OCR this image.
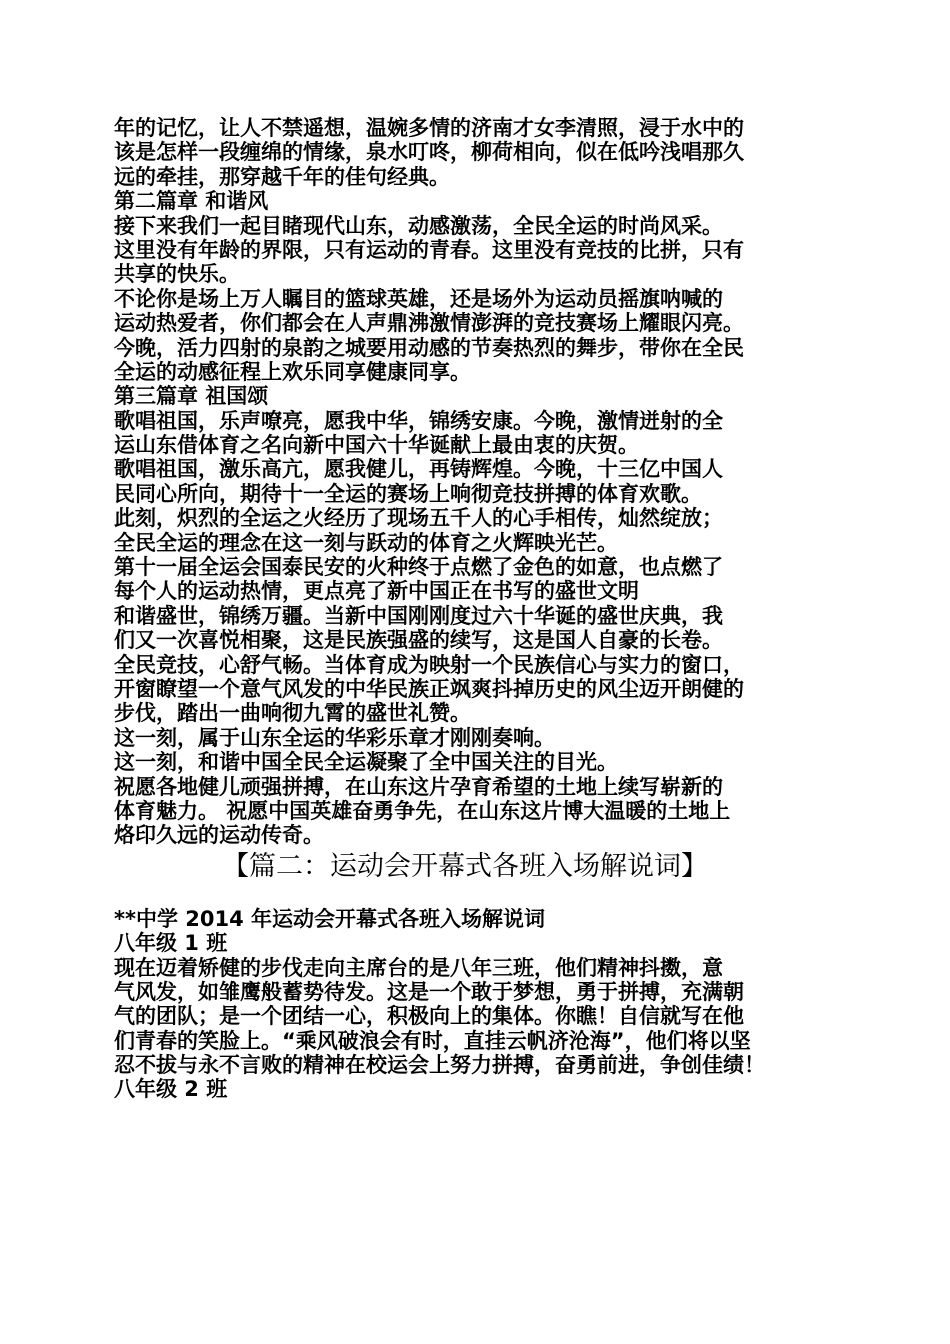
年的记忆，让人不禁遥想，温婉多情的济南才女李清照，浸于水中的
该是怎样一段缠绵的情缘，泉水叮咚，柳荷相向，似在低吟浅唱那久
远的牵挂，那穿越千年的佳句经典。
第二篇章 和谐风
接下来我们一起目睹现代山东，动感激荡，全民全运的时尚风采。
这里没有年龄的界限，只有运动的青春。这里没有竞技的比拼，只有
共享的快乐。
不论你是场上万人瞩目的篮球英雄，还是场外为运动员摇旗呐喊的
运动热爱者，你们都会在人声鼎沸激情澎湃的竞技赛场上耀眼闪亮。
今晚，活力四射的泉韵之城要用动感的节奏热烈的舞步，带你在全民
全运的动感征程上欢乐同享健康同享。
第三篇章 祖国颂
歌唱祖国，乐声嘹亮，愿我中华，锦绣安康。今晚，激情迸射的全
运山东借体育之名向新中国六十华诞献上最由衷的庆贺。
歌唱祖国，激乐高亢，愿我健儿，再铸辉煌。今晚，十三亿中国人
民同心所向，期待十一全运的赛场上响彻竞技拼搏的体育欢歌。
此刻，炽烈的全运之火经历了现场五千人的心手相传，灿然绽放；
全民全运的理念在这一刻与跃动的体育之火辉映光芒。
第十一届全运会国泰民安的火种终于点燃了金色的如意，也点燃了
每个人的运动热情，更点亮了新中国正在书写的盛世文明
和谐盛世，锦绣万疆。当新中国刚刚度过六十华诞的盛世庆典，我
们又一次喜悦相聚，这是民族强盛的续写，这是国人自豪的长卷。
全民竞技，心舒气畅。当体育成为映射一个民族信心与实力的窗口，
开窗瞭望一个意气风发的中华民族正飒爽抖掉历史的风尘迈开朗健的
步伐，踏出一曲响彻九霄的盛世礼赞。
这一刻，属于山东全运的华彩乐章才刚刚奏响。
这一刻，和谐中国全民全运凝聚了全中国关注的目光。
祝愿各地健儿顽强拼搏，在山东这片孕育希望的土地上续写崭新的
体育魅力。 祝愿中国英雄奋勇争先，在山东这片博大温暖的土地上
烙印久远的运动传奇。
【篇二：运动会开幕式各班入场解说词】
**中学 2014 年运动会开幕式各班入场解说词
八年级 1 班
现在迈着矫健的步伐走向主席台的是八年三班，他们精神抖擞，意
气风发，如雏鹰般蓄势待发。这是一个敢于梦想，勇于拼搏，充满朝
气的团队；是一个团结一心，积极向上的集体。你瞧！自信就写在他
们青春的笑脸上。“乘风破浪会有时，直挂云帆济沧海”，他们将以坚
忍不拔与永不言败的精神在校运会上努力拼搏，奋勇前进，争创佳绩！
八年级 2 班
